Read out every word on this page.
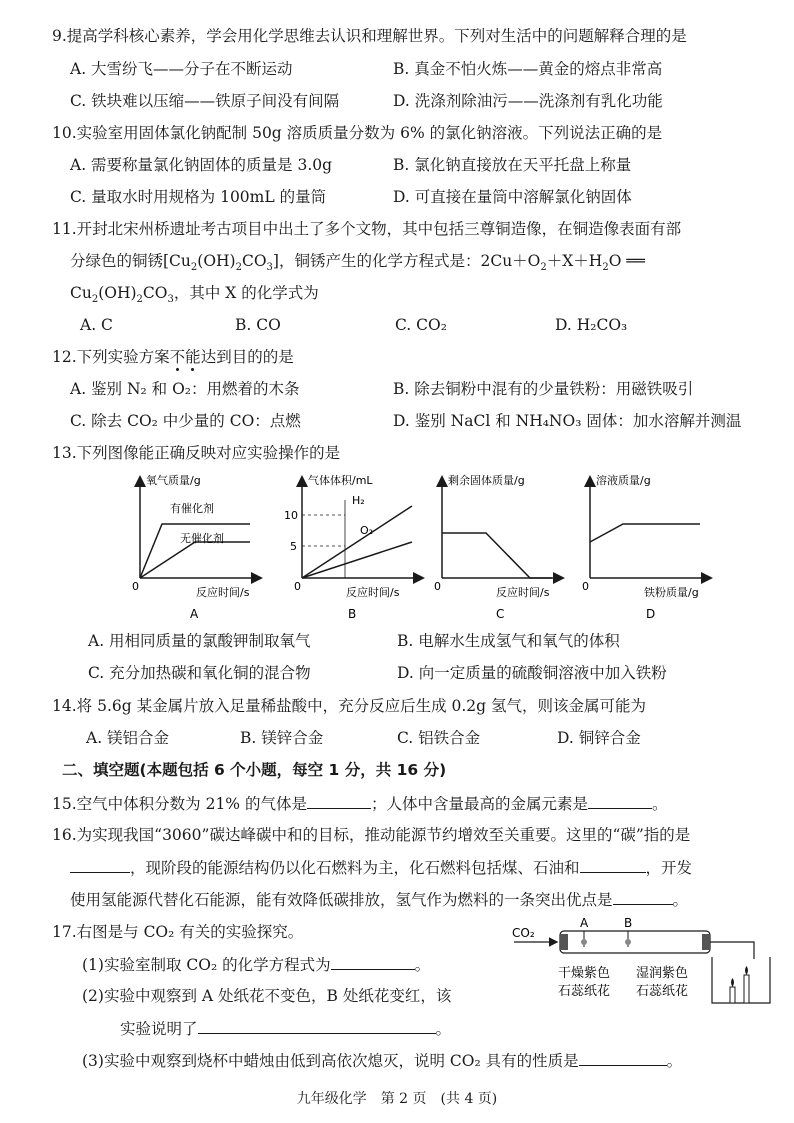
9.提高学科核心素养，学会用化学思维去认识和理解世界。下列对生活中的问题解释合理的是
A. 大雪纷飞——分子在不断运动	B. 真金不怕火炼——黄金的熔点非常高
C. 铁块难以压缩——铁原子间没有间隔	D. 洗涤剂除油污——洗涤剂有乳化功能
10.实验室用固体氯化钠配制 50g 溶质质量分数为 6% 的氯化钠溶液。下列说法正确的是
A. 需要称量氯化钠固体的质量是 3.0g	B. 氯化钠直接放在天平托盘上称量
C. 量取水时用规格为 100mL 的量筒	D. 可直接在量筒中溶解氯化钠固体
11.开封北宋州桥遗址考古项目中出土了多个文物，其中包括三尊铜造像，在铜造像表面有部
分绿色的铜锈$[Cu_2(OH)_2CO_3]$，铜锈产生的化学方程式是：$2Cu+O_2+X+H_2O$ ══
$Cu_2(OH)_2CO_3$，其中 X 的化学式为
A. C	B. CO	C. CO₂	D. H₂CO₃
12.下列实验方案不能达到目的的是
A. 鉴别 N₂ 和 O₂：用燃着的木条	B. 除去铜粉中混有的少量铁粉：用磁铁吸引
C. 除去 CO₂ 中少量的 CO：点燃	D. 鉴别 NaCl 和 NH₄NO₃ 固体：加水溶解并测温
13.下列图像能正确反映对应实验操作的是
氧气质量/g
0	反应时间/s
A
有催化剂
无催化剂
气体体积/mL
10
5
0	反应时间/s
B
H₂
O₂
剩余固体质量/g
0	反应时间/s
C
溶液质量/g
0	铁粉质量/g
D
A. 用相同质量的氯酸钾制取氧气	B. 电解水生成氢气和氧气的体积
C. 充分加热碳和氧化铜的混合物	D. 向一定质量的硫酸铜溶液中加入铁粉
14.将 5.6g 某金属片放入足量稀盐酸中，充分反应后生成 0.2g 氢气，则该金属可能为
A. 镁铝合金	B. 镁锌合金	C. 铝铁合金	D. 铜锌合金
二、填空题(本题包括 6 个小题，每空 1 分，共 16 分)
15.空气中体积分数为 21% 的气体是	；人体中含量最高的金属元素是	。
16.为实现我国“3060”碳达峰碳中和的目标，推动能源节约增效至关重要。这里的“碳”指的是
，现阶段的能源结构仍以化石燃料为主，化石燃料包括煤、石油和	，开发
使用氢能源代替化石能源，能有效降低碳排放，氢气作为燃料的一条突出优点是	。
17.右图是与 CO₂ 有关的实验探究。
(1)实验室制取 CO₂ 的化学方程式为	。
(2)实验中观察到 A 处纸花不变色，B 处纸花变红，该
实验说明了	。
(3)实验中观察到烧杯中蜡烛由低到高依次熄灭，说明 CO₂ 具有的性质是	。
CO₂
A	B
干燥紫色
石蕊纸花
湿润紫色
石蕊纸花
九年级化学　第 2 页　(共 4 页)
